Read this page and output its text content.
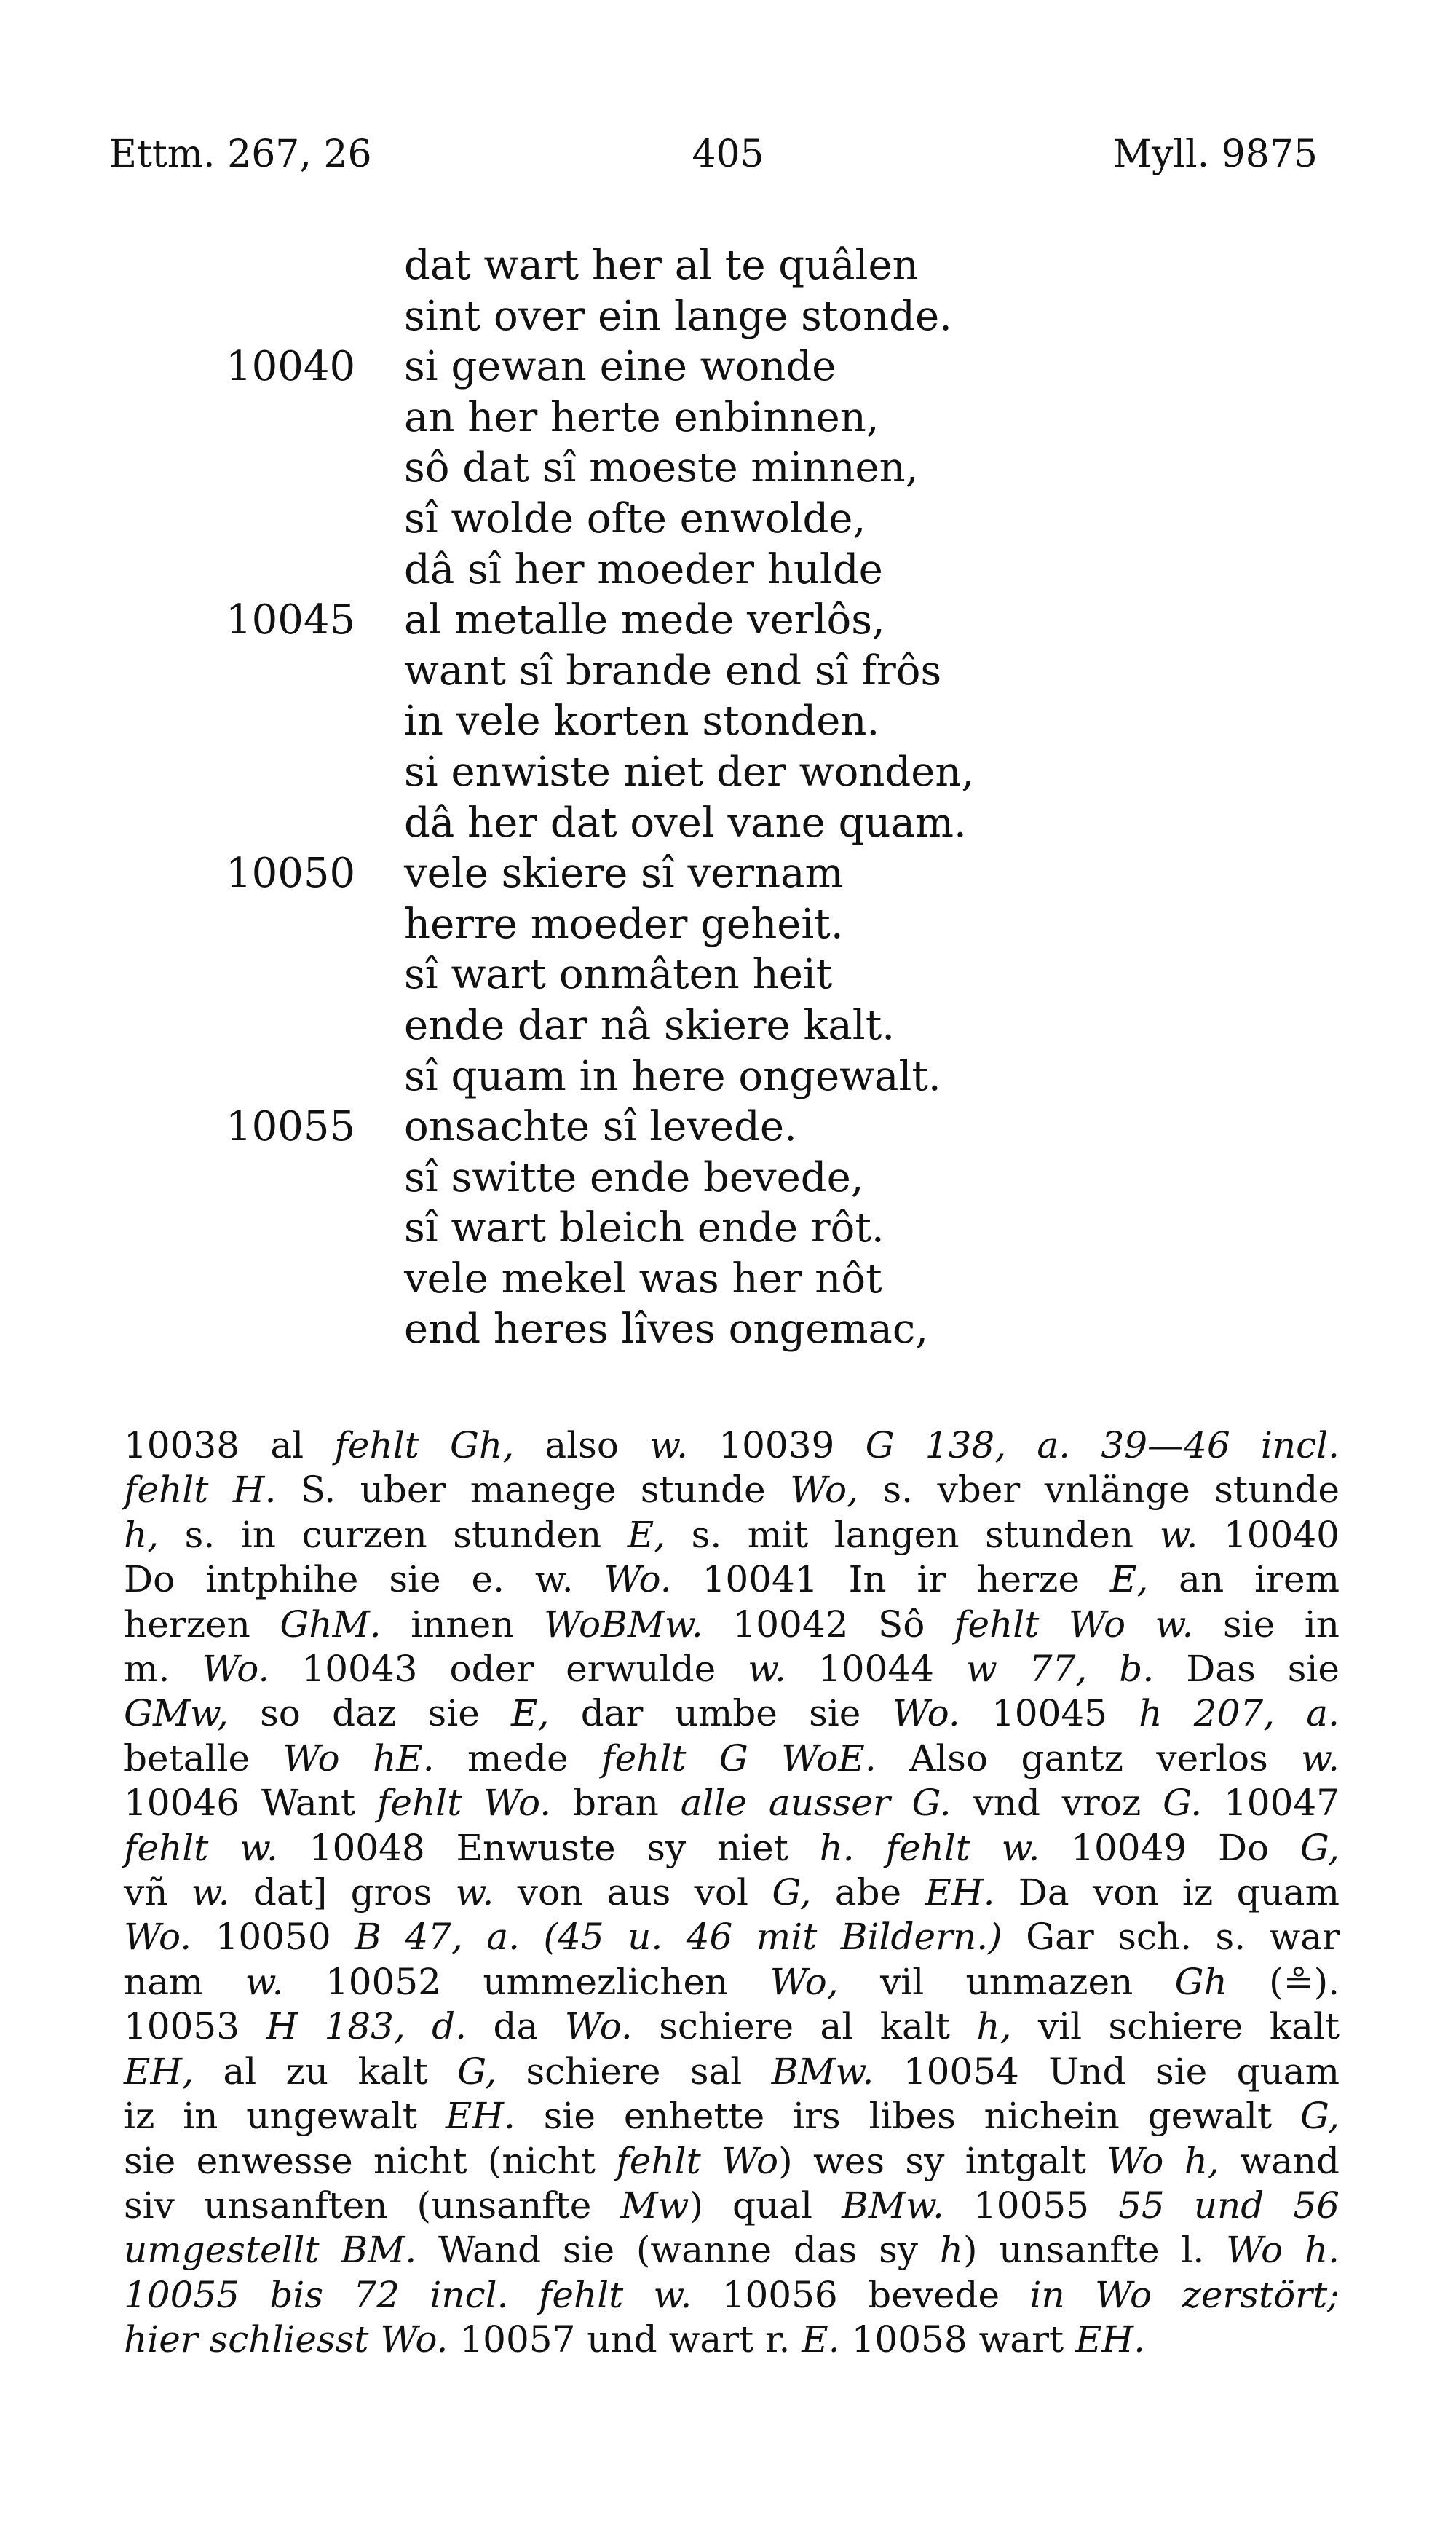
Ettm. 267, 26	405	Myll. 9875
dat wart her al te quâlen
sint over ein lange stonde.
10040 si gewan eine wonde
an her herte enbinnen,
sô dat sî moeste minnen,
sî wolde ofte enwolde,
dâ sî her moeder hulde
10045 al metalle mede verlôs,
want sî brande end sî frôs
in vele korten stonden.
si enwiste niet der wonden,
dâ her dat ovel vane quam.
10050 vele skiere sî vernam
herre moeder geheit.
sî wart onmâten heit
ende dar nâ skiere kalt.
sî quam in here ongewalt.
10055 onsachte sî levede.
sî switte ende bevede,
sî wart bleich ende rôt.
vele mekel was her nôt
end heres lîves ongemac,

10038 al fehlt Gh, also w. 10039 G 138, a. 39—46 incl.

fehlt H. S. uber manege stunde Wo, s. vber vnlänge stunde

h, s. in curzen stunden E, s. mit langen stunden w. 10040

Do intphihe sie e. w. Wo. 10041 In ir herze E, an irem

herzen GhM. innen WoBMw. 10042 Sô fehlt Wo w. sie in

m. Wo. 10043 oder erwulde w. 10044 w 77, b. Das sie

GMw, so daz sie E, dar umbe sie Wo. 10045 h 207, a.

betalle Wo hE. mede fehlt G WoE. Also gantz verlos w.

10046 Want fehlt Wo. bran alle ausser G. vnd vroz G. 10047

fehlt w. 10048 Enwuste sy niet h. fehlt w. 10049 Do G,

vñ w. dat] gros w. von aus vol G, abe EH. Da von iz quam

Wo. 10050 B 47, a. (45 u. 46 mit Bildern.) Gar sch. s. war

nam w. 10052 ummezlichen Wo, vil unmazen Gh (≗).

10053 H 183, d. da Wo. schiere al kalt h, vil schiere kalt

EH, al zu kalt G, schiere sal BMw. 10054 Und sie quam

iz in ungewalt EH. sie enhette irs libes nichein gewalt G,

sie enwesse nicht (nicht fehlt Wo) wes sy intgalt Wo h, wand

siv unsanften (unsanfte Mw) qual BMw. 10055 55 und 56

umgestellt BM. Wand sie (wanne das sy h) unsanfte l. Wo h.

10055 bis 72 incl. fehlt w. 10056 bevede in Wo zerstört;

hier schliesst Wo. 10057 und wart r. E. 10058 wart EH.
